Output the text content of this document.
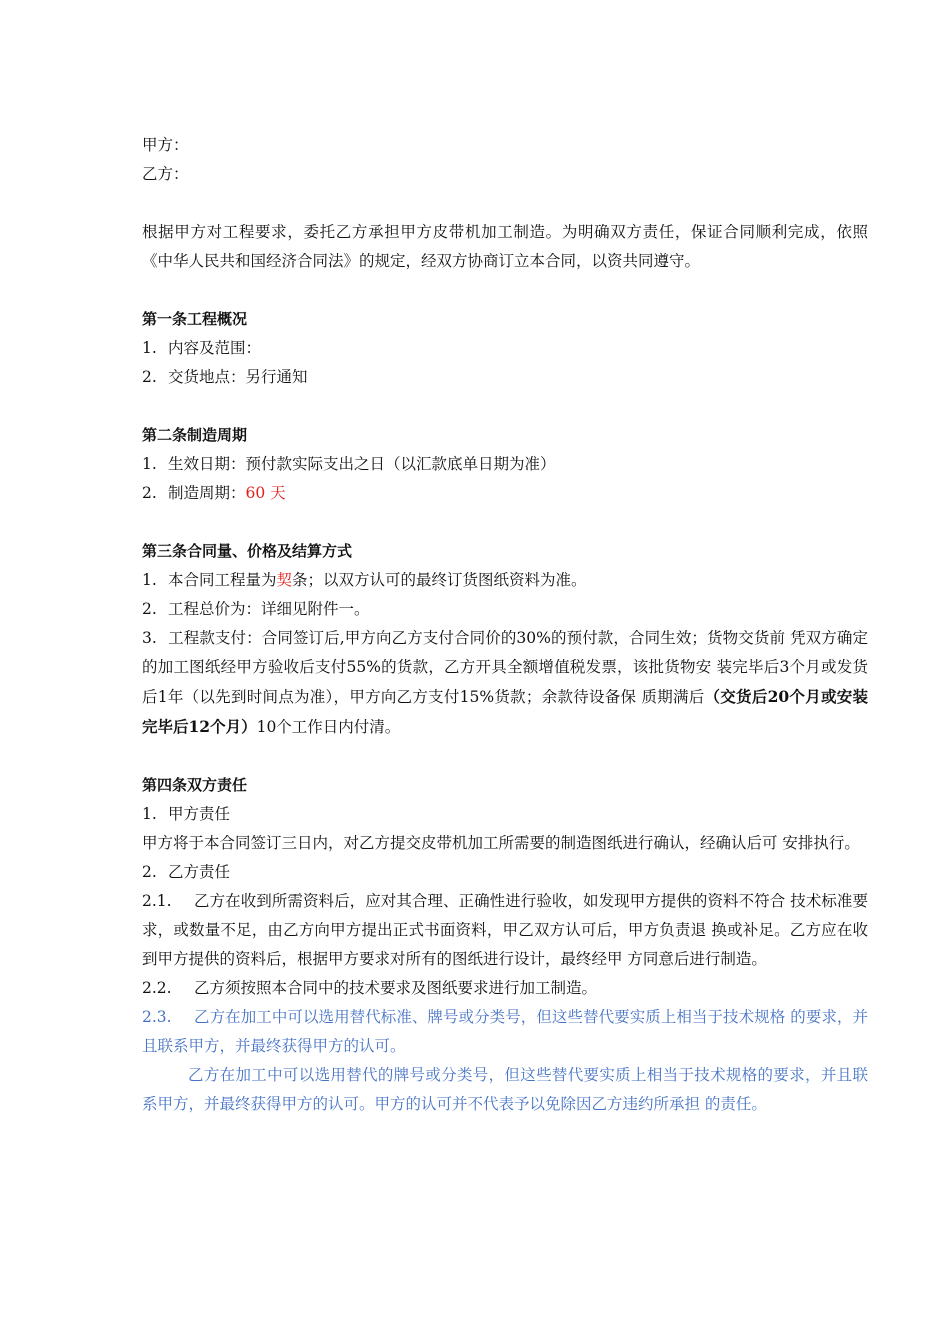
甲方：
乙方：
根据甲方对工程要求，委托乙方承担甲方皮带机加工制造。为明确双方责任，保证合同顺利完成，依照《中华人民共和国经济合同法》的规定，经双方协商订立本合同，以资共同遵守。
第一条工程概况
1. 内容及范围：
2. 交货地点：另行通知
第二条制造周期
1. 生效日期：预付款实际支出之日（以汇款底单日期为准）
2. 制造周期：60 天
第三条合同量、价格及结算方式
1. 本合同工程量为契条；以双方认可的最终订货图纸资料为准。
2. 工程总价为：详细见附件一。
3. 工程款支付：合同签订后,甲方向乙方支付合同价的30%的预付款，合同生效；货物交货前 凭双方确定的加工图纸经甲方验收后支付55%的货款，乙方开具全额增值税发票，该批货物安 装完毕后3个月或发货后1年（以先到时间点为准），甲方向乙方支付15%货款；余款待设备保 质期满后（交货后20个月或安装完毕后12个月）10个工作日内付清。
第四条双方责任
1. 甲方责任
甲方将于本合同签订三日内，对乙方提交皮带机加工所需要的制造图纸进行确认，经确认后可 安排执行。
2. 乙方责任
2.1. 乙方在收到所需资料后，应对其合理、正确性进行验收，如发现甲方提供的资料不符合 技术标准要求，或数量不足，由乙方向甲方提出正式书面资料，甲乙双方认可后，甲方负责退 换或补足。乙方应在收到甲方提供的资料后，根据甲方要求对所有的图纸进行设计，最终经甲 方同意后进行制造。
2.2. 乙方须按照本合同中的技术要求及图纸要求进行加工制造。
2.3. 乙方在加工中可以选用替代标准、牌号或分类号，但这些替代要实质上相当于技术规格 的要求，并且联系甲方，并最终获得甲方的认可。
乙方在加工中可以选用替代的牌号或分类号，但这些替代要实质上相当于技术规格的要求，并且联系甲方，并最终获得甲方的认可。甲方的认可并不代表予以免除因乙方违约所承担 的责任。
